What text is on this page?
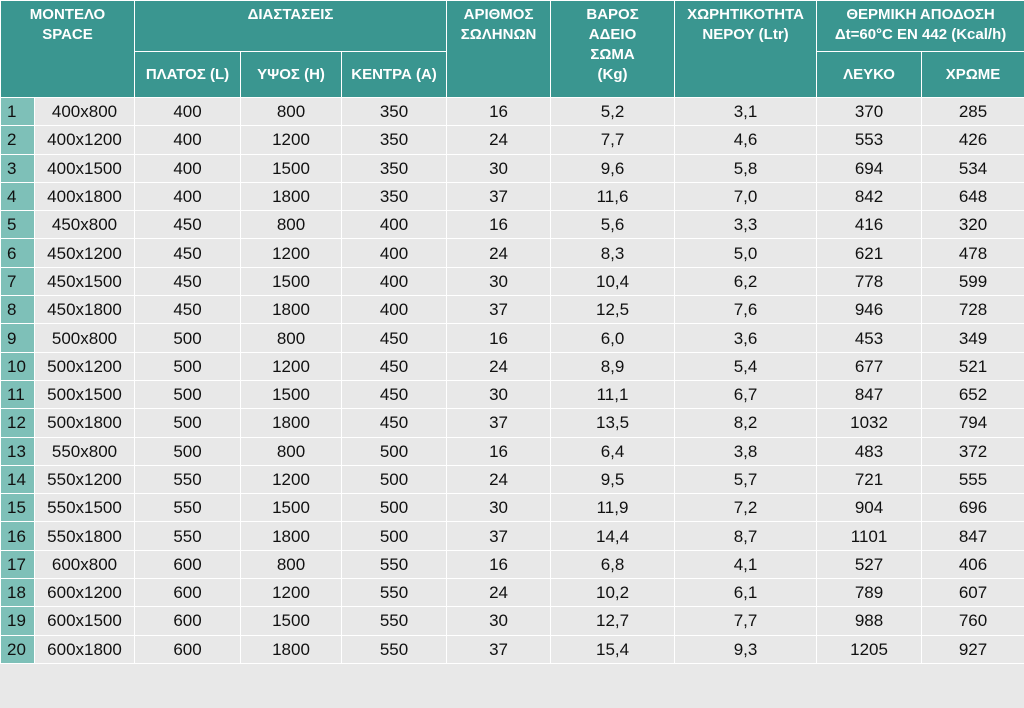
ΜΟΝΤΕΛΟ SPACE		ΔΙΑΣΤΑΣΕΙΣ			ΑΡΙΘΜΟΣ ΣΩΛΗΝΩΝ	ΒΑΡΟΣ ΑΔΕΙΟ ΣΩΜΑ (Kg)	ΧΩΡΗΤΙΚΟΤΗΤΑ ΝΕΡΟΥ (Ltr)	ΘΕΡΜΙΚΗ ΑΠΟΔΟΣΗ
Δt=60°C EN 442 (Kcal/h)	

		ΠΛΑΤΟΣ (L)	ΥΨΟΣ (H)	ΚΕΝΤΡΑ (A)				ΛΕΥΚΟ	ΧΡΩΜΕ
1	400x800	400	800	350	16	5,2	3,1	370	285
2	400x1200	400	1200	350	24	7,7	4,6	553	426
3	400x1500	400	1500	350	30	9,6	5,8	694	534
4	400x1800	400	1800	350	37	11,6	7,0	842	648
5	450x800	450	800	400	16	5,6	3,3	416	320
6	450x1200	450	1200	400	24	8,3	5,0	621	478
7	450x1500	450	1500	400	30	10,4	6,2	778	599
8	450x1800	450	1800	400	37	12,5	7,6	946	728
9	500x800	500	800	450	16	6,0	3,6	453	349
10	500x1200	500	1200	450	24	8,9	5,4	677	521
11	500x1500	500	1500	450	30	11,1	6,7	847	652
12	500x1800	500	1800	450	37	13,5	8,2	1032	794
13	550x800	500	800	500	16	6,4	3,8	483	372
14	550x1200	550	1200	500	24	9,5	5,7	721	555
15	550x1500	550	1500	500	30	11,9	7,2	904	696
16	550x1800	550	1800	500	37	14,4	8,7	1101	847
17	600x800	600	800	550	16	6,8	4,1	527	406
18	600x1200	600	1200	550	24	10,2	6,1	789	607
19	600x1500	600	1500	550	30	12,7	7,7	988	760
20	600x1800	600	1800	550	37	15,4	9,3	1205	927
